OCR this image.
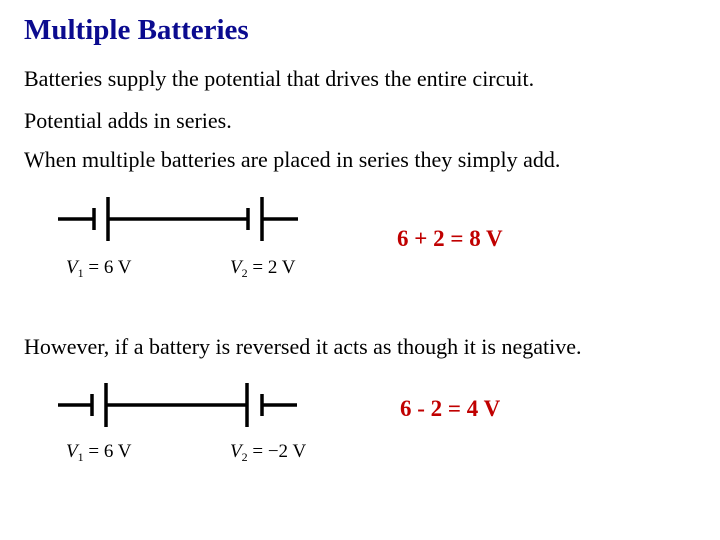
Multiple Batteries
Batteries supply the potential that drives the entire circuit.
Potential adds in series.
When multiple batteries are placed in series they simply add.
6 + 2 = 8 V
$V_1 = 6$ V	$V_2 = 2$ V
However, if a battery is reversed it acts as though it is negative.
6 - 2 = 4 V
$V_1 = 6$ V	$V_2 = -2$ V
